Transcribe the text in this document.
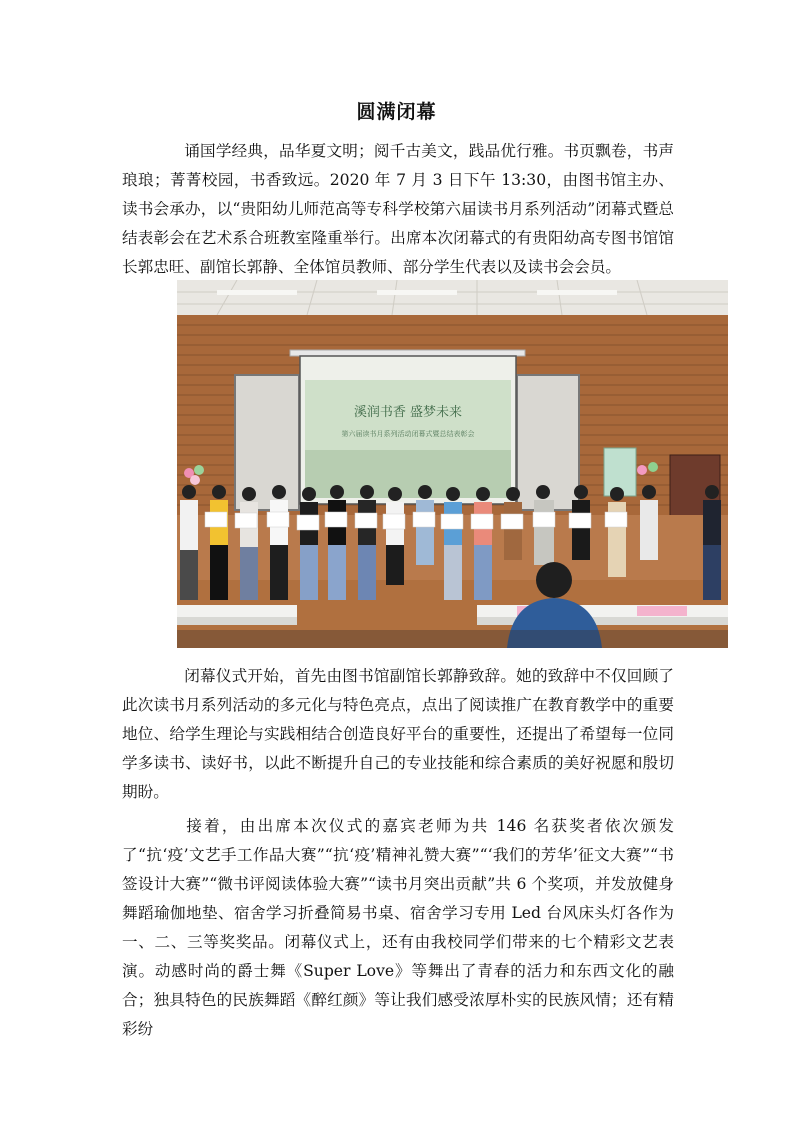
圆满闭幕

诵国学经典，品华夏文明；阅千古美文，践品优行雅。书页飘卷，书声琅琅；菁菁校园，书香致远。2020 年 7 月 3 日下午 13:30，由图书馆主办、读书会承办，以“贵阳幼儿师范高等专科学校第六届读书月系列活动”闭幕式暨总结表彰会在艺术系合班教室隆重举行。出席本次闭幕式的有贵阳幼高专图书馆馆长郭忠旺、副馆长郭静、全体馆员教师、部分学生代表以及读书会会员。

溪润书香 盛梦未来
第六届读书月系列活动闭幕式暨总结表彰会

闭幕仪式开始，首先由图书馆副馆长郭静致辞。她的致辞中不仅回顾了此次读书月系列活动的多元化与特色亮点，点出了阅读推广在教育教学中的重要地位、给学生理论与实践相结合创造良好平台的重要性，还提出了希望每一位同学多读书、读好书，以此不断提升自己的专业技能和综合素质的美好祝愿和殷切期盼。

接着，由出席本次仪式的嘉宾老师为共 146 名获奖者依次颁发了“抗‘疫’文艺手工作品大赛”“抗‘疫’精神礼赞大赛”“‘我们的芳华’征文大赛”“书签设计大赛”“微书评阅读体验大赛”“读书月突出贡献”共 6 个奖项，并发放健身舞蹈瑜伽地垫、宿舍学习折叠简易书桌、宿舍学习专用 Led 台风床头灯各作为一、二、三等奖奖品。闭幕仪式上，还有由我校同学们带来的七个精彩文艺表演。动感时尚的爵士舞《Super Love》等舞出了青春的活力和东西文化的融合；独具特色的民族舞蹈《醉红颜》等让我们感受浓厚朴实的民族风情；还有精彩纷
